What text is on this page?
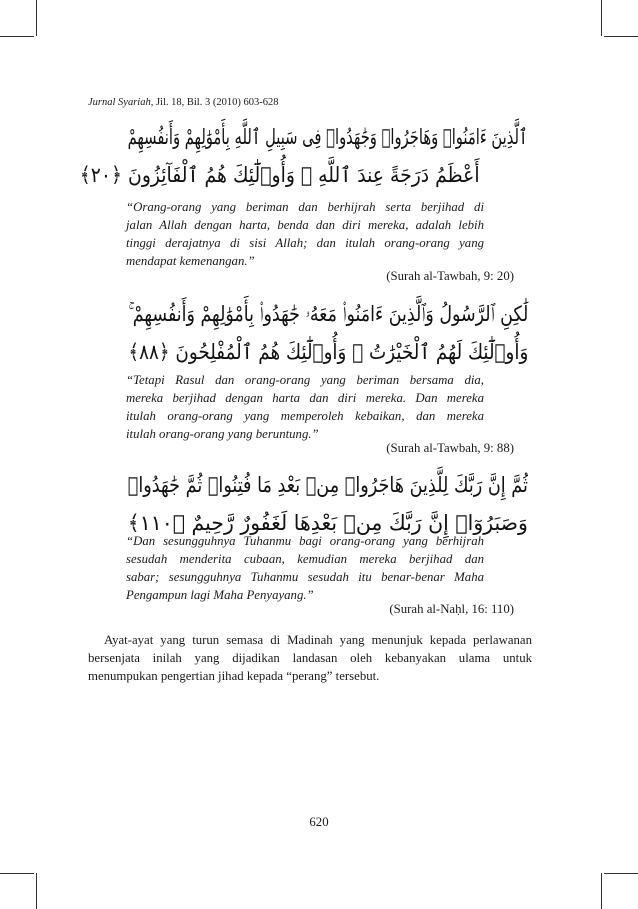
Jurnal Syariah, Jil. 18, Bil. 3 (2010) 603-628
ٱلَّذِينَ ءَامَنُوا۟ وَهَاجَرُوا۟ وَجَٰهَدُوا۟ فِى سَبِيلِ ٱللَّهِ بِأَمْوَٰلِهِمْ وَأَنفُسِهِمْ
أَعْظَمُ دَرَجَةً عِندَ ٱللَّهِ ۚ وَأُو۟لَٰٓئِكَ هُمُ ٱلْفَآئِزُونَ ﴿٢٠﴾
“Orang-orang yang beriman dan berhijrah serta berjihad di
jalan Allah dengan harta, benda dan diri mereka, adalah lebih
tinggi derajatnya di sisi Allah; dan itulah orang-orang yang
mendapat kemenangan.”
(Surah al-Tawbah, 9: 20)
لَٰكِنِ ٱلرَّسُولُ وَٱلَّذِينَ ءَامَنُوا۟ مَعَهُۥ جَٰهَدُوا۟ بِأَمْوَٰلِهِمْ وَأَنفُسِهِمْ ۚ
وَأُو۟لَٰٓئِكَ لَهُمُ ٱلْخَيْرَٰتُ ۖ وَأُو۟لَٰٓئِكَ هُمُ ٱلْمُفْلِحُونَ ﴿٨٨﴾
“Tetapi Rasul dan orang-orang yang beriman bersama dia,
mereka berjihad dengan harta dan diri mereka. Dan mereka
itulah orang-orang yang memperoleh kebaikan, dan mereka
itulah orang-orang yang beruntung.”
(Surah al-Tawbah, 9: 88)
ثُمَّ إِنَّ رَبَّكَ لِلَّذِينَ هَاجَرُوا۟ مِنۢ بَعْدِ مَا فُتِنُوا۟ ثُمَّ جَٰهَدُوا۟
وَصَبَرُوٓا۟ إِنَّ رَبَّكَ مِنۢ بَعْدِهَا لَغَفُورٌ رَّحِيمٌ ﴿١١٠﴾
“Dan sesungguhnya Tuhanmu bagi orang-orang yang berhijrah
sesudah menderita cubaan, kemudian mereka berjihad dan
sabar; sesungguhnya Tuhanmu sesudah itu benar-benar Maha
Pengampun lagi Maha Penyayang.”
(Surah al-Naḥl, 16: 110)
Ayat-ayat yang turun semasa di Madinah yang menunjuk kepada perlawanan
bersenjata inilah yang dijadikan landasan oleh kebanyakan ulama untuk
menumpukan pengertian jihad kepada “perang” tersebut.
620
